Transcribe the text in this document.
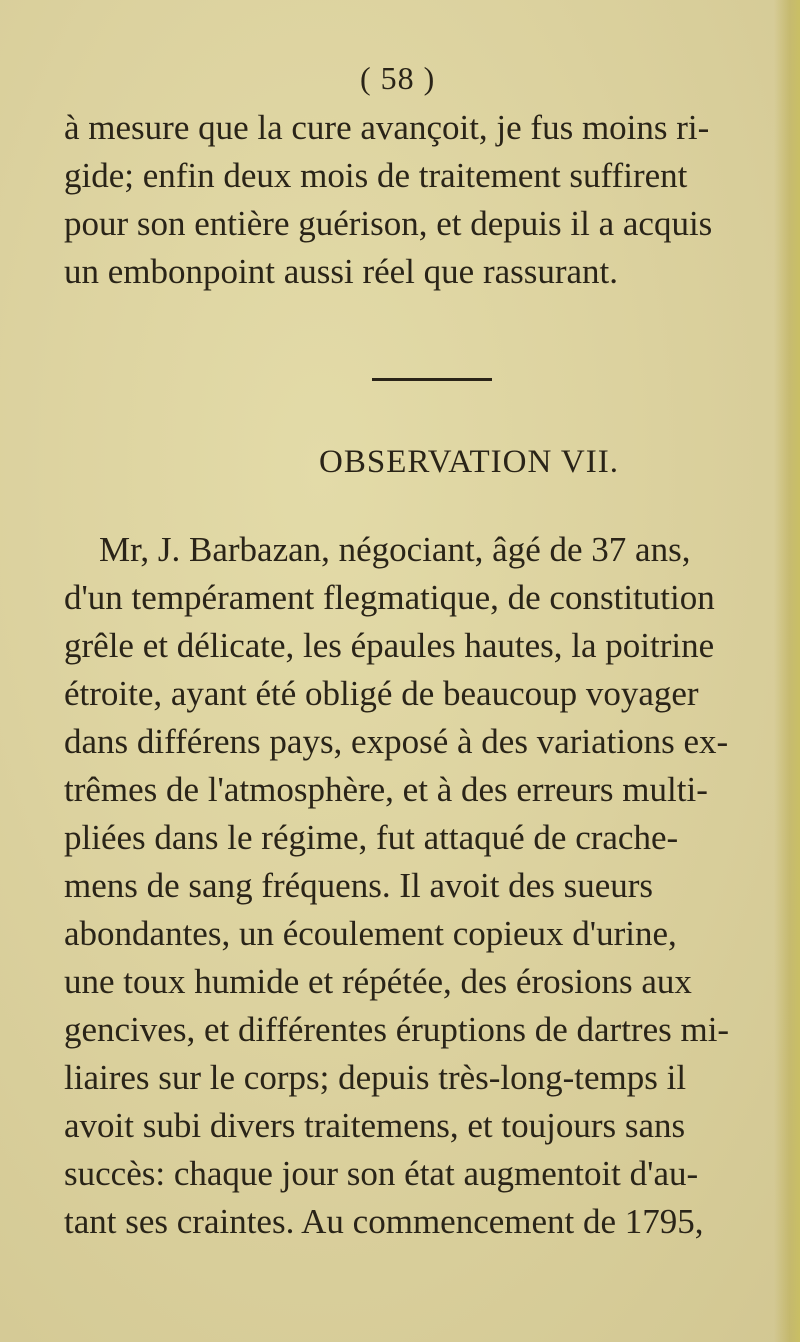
( 58 )
à mesure que la cure avançoit, je fus moins ri-
gide; enfin deux mois de traitement suffirent
pour son entière guérison, et depuis il a acquis
un embonpoint aussi réel que rassurant.
OBSERVATION VII.
Mr, J. Barbazan, négociant, âgé de 37 ans,
d'un tempérament flegmatique, de constitution
grêle et délicate, les épaules hautes, la poitrine
étroite, ayant été obligé de beaucoup voyager
dans différens pays, exposé à des variations ex-
trêmes de l'atmosphère, et à des erreurs multi-
pliées dans le régime, fut attaqué de crache-
mens de sang fréquens. Il avoit des sueurs
abondantes, un écoulement copieux d'urine,
une toux humide et répétée, des érosions aux
gencives, et différentes éruptions de dartres mi-
liaires sur le corps; depuis très-long-temps il
avoit subi divers traitemens, et toujours sans
succès: chaque jour son état augmentoit d'au-
tant ses craintes. Au commencement de 1795,
